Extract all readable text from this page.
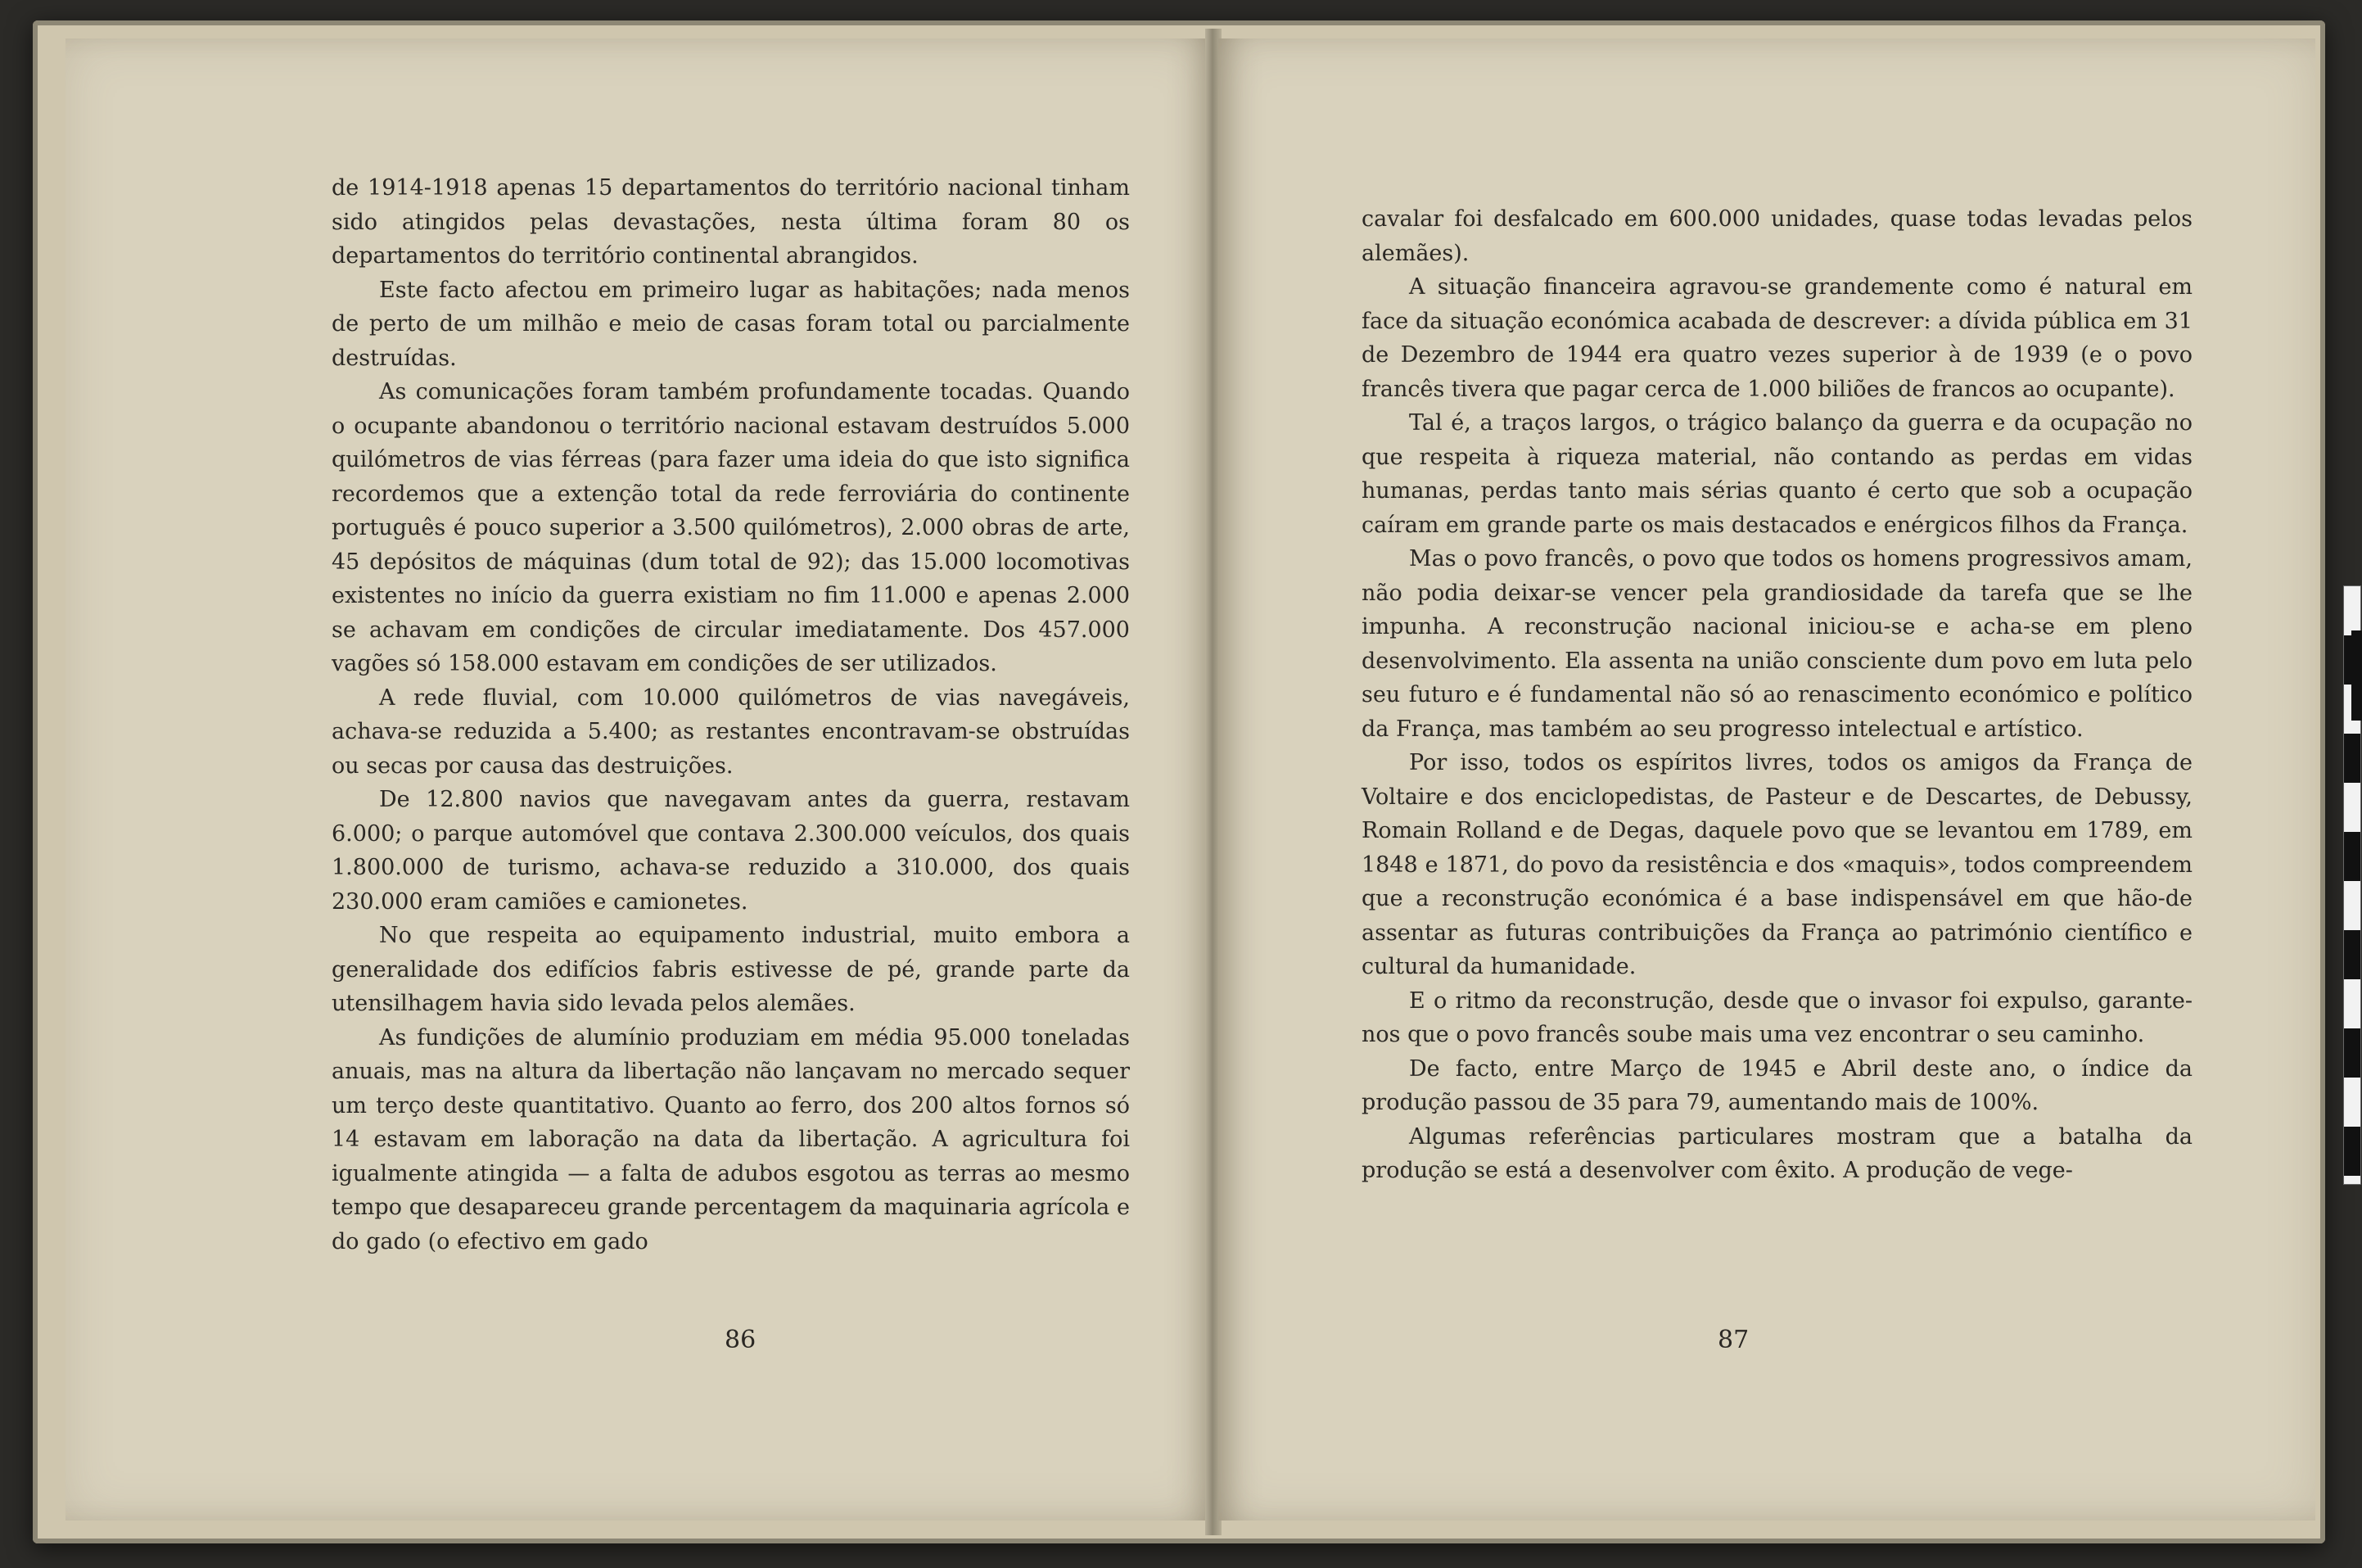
de 1914-1918 apenas 15 departamentos do território nacional tinham sido atingidos pelas devastações, nesta última foram 80 os departamentos do território continental abrangidos.

Este facto afectou em primeiro lugar as habitações; nada menos de perto de um milhão e meio de casas foram total ou parcialmente destruídas.

As comunicações foram também profundamente tocadas. Quando o ocupante abandonou o território nacional estavam destruídos 5.000 quilómetros de vias férreas (para fazer uma ideia do que isto significa recordemos que a extenção total da rede ferroviária do continente português é pouco superior a 3.500 quilómetros), 2.000 obras de arte, 45 depósitos de máquinas (dum total de 92); das 15.000 locomotivas existentes no início da guerra existiam no fim 11.000 e apenas 2.000 se achavam em condições de circular imediatamente. Dos 457.000 vagões só 158.000 estavam em condições de ser utilizados.

A rede fluvial, com 10.000 quilómetros de vias navegáveis, achava-se reduzida a 5.400; as restantes encontravam-se obstruídas ou secas por causa das destruições.

De 12.800 navios que navegavam antes da guerra, restavam 6.000; o parque automóvel que contava 2.300.000 veículos, dos quais 1.800.000 de turismo, achava-se reduzido a 310.000, dos quais 230.000 eram camiões e camionetes.

No que respeita ao equipamento industrial, muito embora a generalidade dos edifícios fabris estivesse de pé, grande parte da utensilhagem havia sido levada pelos alemães.

As fundições de alumínio produziam em média 95.000 toneladas anuais, mas na altura da libertação não lançavam no mercado sequer um terço deste quantitativo. Quanto ao ferro, dos 200 altos fornos só 14 estavam em laboração na data da libertação. A agricultura foi igualmente atingida — a falta de adubos esgotou as terras ao mesmo tempo que desapareceu grande percentagem da maquinaria agrícola e do gado (o efectivo em gado

86

cavalar foi desfalcado em 600.000 unidades, quase todas levadas pelos alemães).

A situação financeira agravou-se grandemente como é natural em face da situação económica acabada de descrever: a dívida pública em 31 de Dezembro de 1944 era quatro vezes superior à de 1939 (e o povo francês tivera que pagar cerca de 1.000 biliões de francos ao ocupante).

Tal é, a traços largos, o trágico balanço da guerra e da ocupação no que respeita à riqueza material, não contando as perdas em vidas humanas, perdas tanto mais sérias quanto é certo que sob a ocupação caíram em grande parte os mais destacados e enérgicos filhos da França.

Mas o povo francês, o povo que todos os homens progressivos amam, não podia deixar-se vencer pela grandiosidade da tarefa que se lhe impunha. A reconstrução nacional iniciou-se e acha-se em pleno desenvolvimento. Ela assenta na união consciente dum povo em luta pelo seu futuro e é fundamental não só ao renascimento económico e político da França, mas também ao seu progresso intelectual e artístico.

Por isso, todos os espíritos livres, todos os amigos da França de Voltaire e dos enciclopedistas, de Pasteur e de Descartes, de Debussy, Romain Rolland e de Degas, daquele povo que se levantou em 1789, em 1848 e 1871, do povo da resistência e dos «maquis», todos compreendem que a reconstrução económica é a base indispensável em que hão-de assentar as futuras contribuições da França ao património científico e cultural da humanidade.

E o ritmo da reconstrução, desde que o invasor foi expulso, garante-nos que o povo francês soube mais uma vez encontrar o seu caminho.

De facto, entre Março de 1945 e Abril deste ano, o índice da produção passou de 35 para 79, aumentando mais de 100%.

Algumas referências particulares mostram que a batalha da produção se está a desenvolver com êxito. A produção de vege-

87
